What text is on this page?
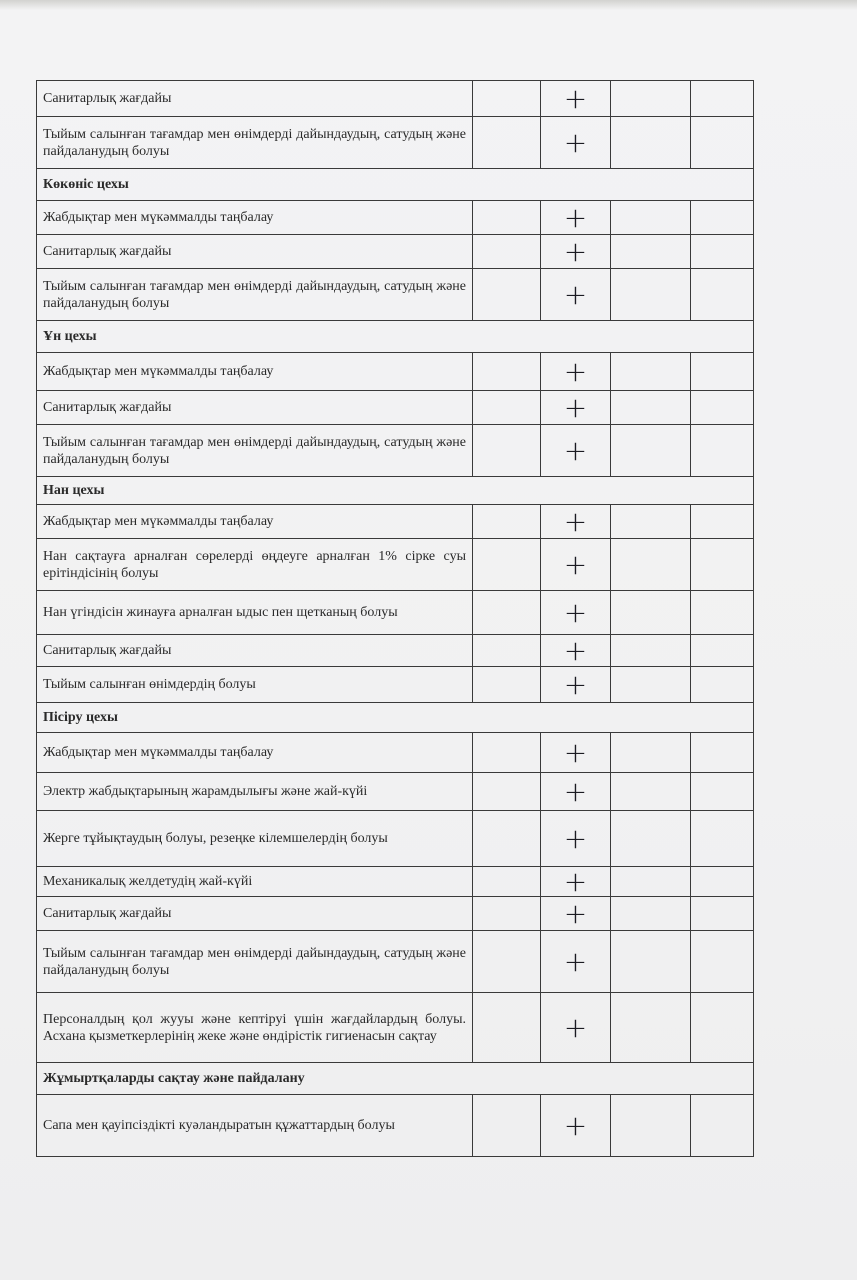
Санитарлық жағдайы		+		
Тыйым салынған тағамдар мен өнімдерді дайындаудың, сатудың және пайдаланудың болуы		+		
Көкөніс цехы				
Жабдықтар мен мүкәммалды таңбалау		+		
Санитарлық жағдайы		+		
Тыйым салынған тағамдар мен өнімдерді дайындаудың, сатудың және пайдаланудың болуы		+		
Ұн цехы				
Жабдықтар мен мүкәммалды таңбалау		+		
Санитарлық жағдайы		+		
Тыйым салынған тағамдар мен өнімдерді дайындаудың, сатудың және пайдаланудың болуы		+		
Нан цехы				
Жабдықтар мен мүкәммалды таңбалау		+		
Нан сақтауға арналған сөрелерді өңдеуге арналған 1% сірке суы ерітіндісінің болуы		+		
Нан үгіндісін жинауға арналған ыдыс пен щетканың болуы		+		
Санитарлық жағдайы		+		
Тыйым салынған өнімдердің болуы		+		
Пісіру цехы				
Жабдықтар мен мүкәммалды таңбалау		+		
Электр жабдықтарының жарамдылығы және жай-күйі		+		
Жерге тұйықтаудың болуы, резеңке кілемшелердің болуы		+		
Механикалық желдетудің жай-күйі		+		
Санитарлық жағдайы		+		
Тыйым салынған тағамдар мен өнімдерді дайындаудың, сатудың және пайдаланудың болуы		+		
Персоналдың қол жууы және кептіруі үшін жағдайлардың болуы. Асхана қызметкерлерінің жеке және өндірістік гигиенасын сақтау		+		
Жұмыртқаларды сақтау және пайдалану				
Сапа мен қауіпсіздікті куәландыратын құжаттардың болуы		+		
